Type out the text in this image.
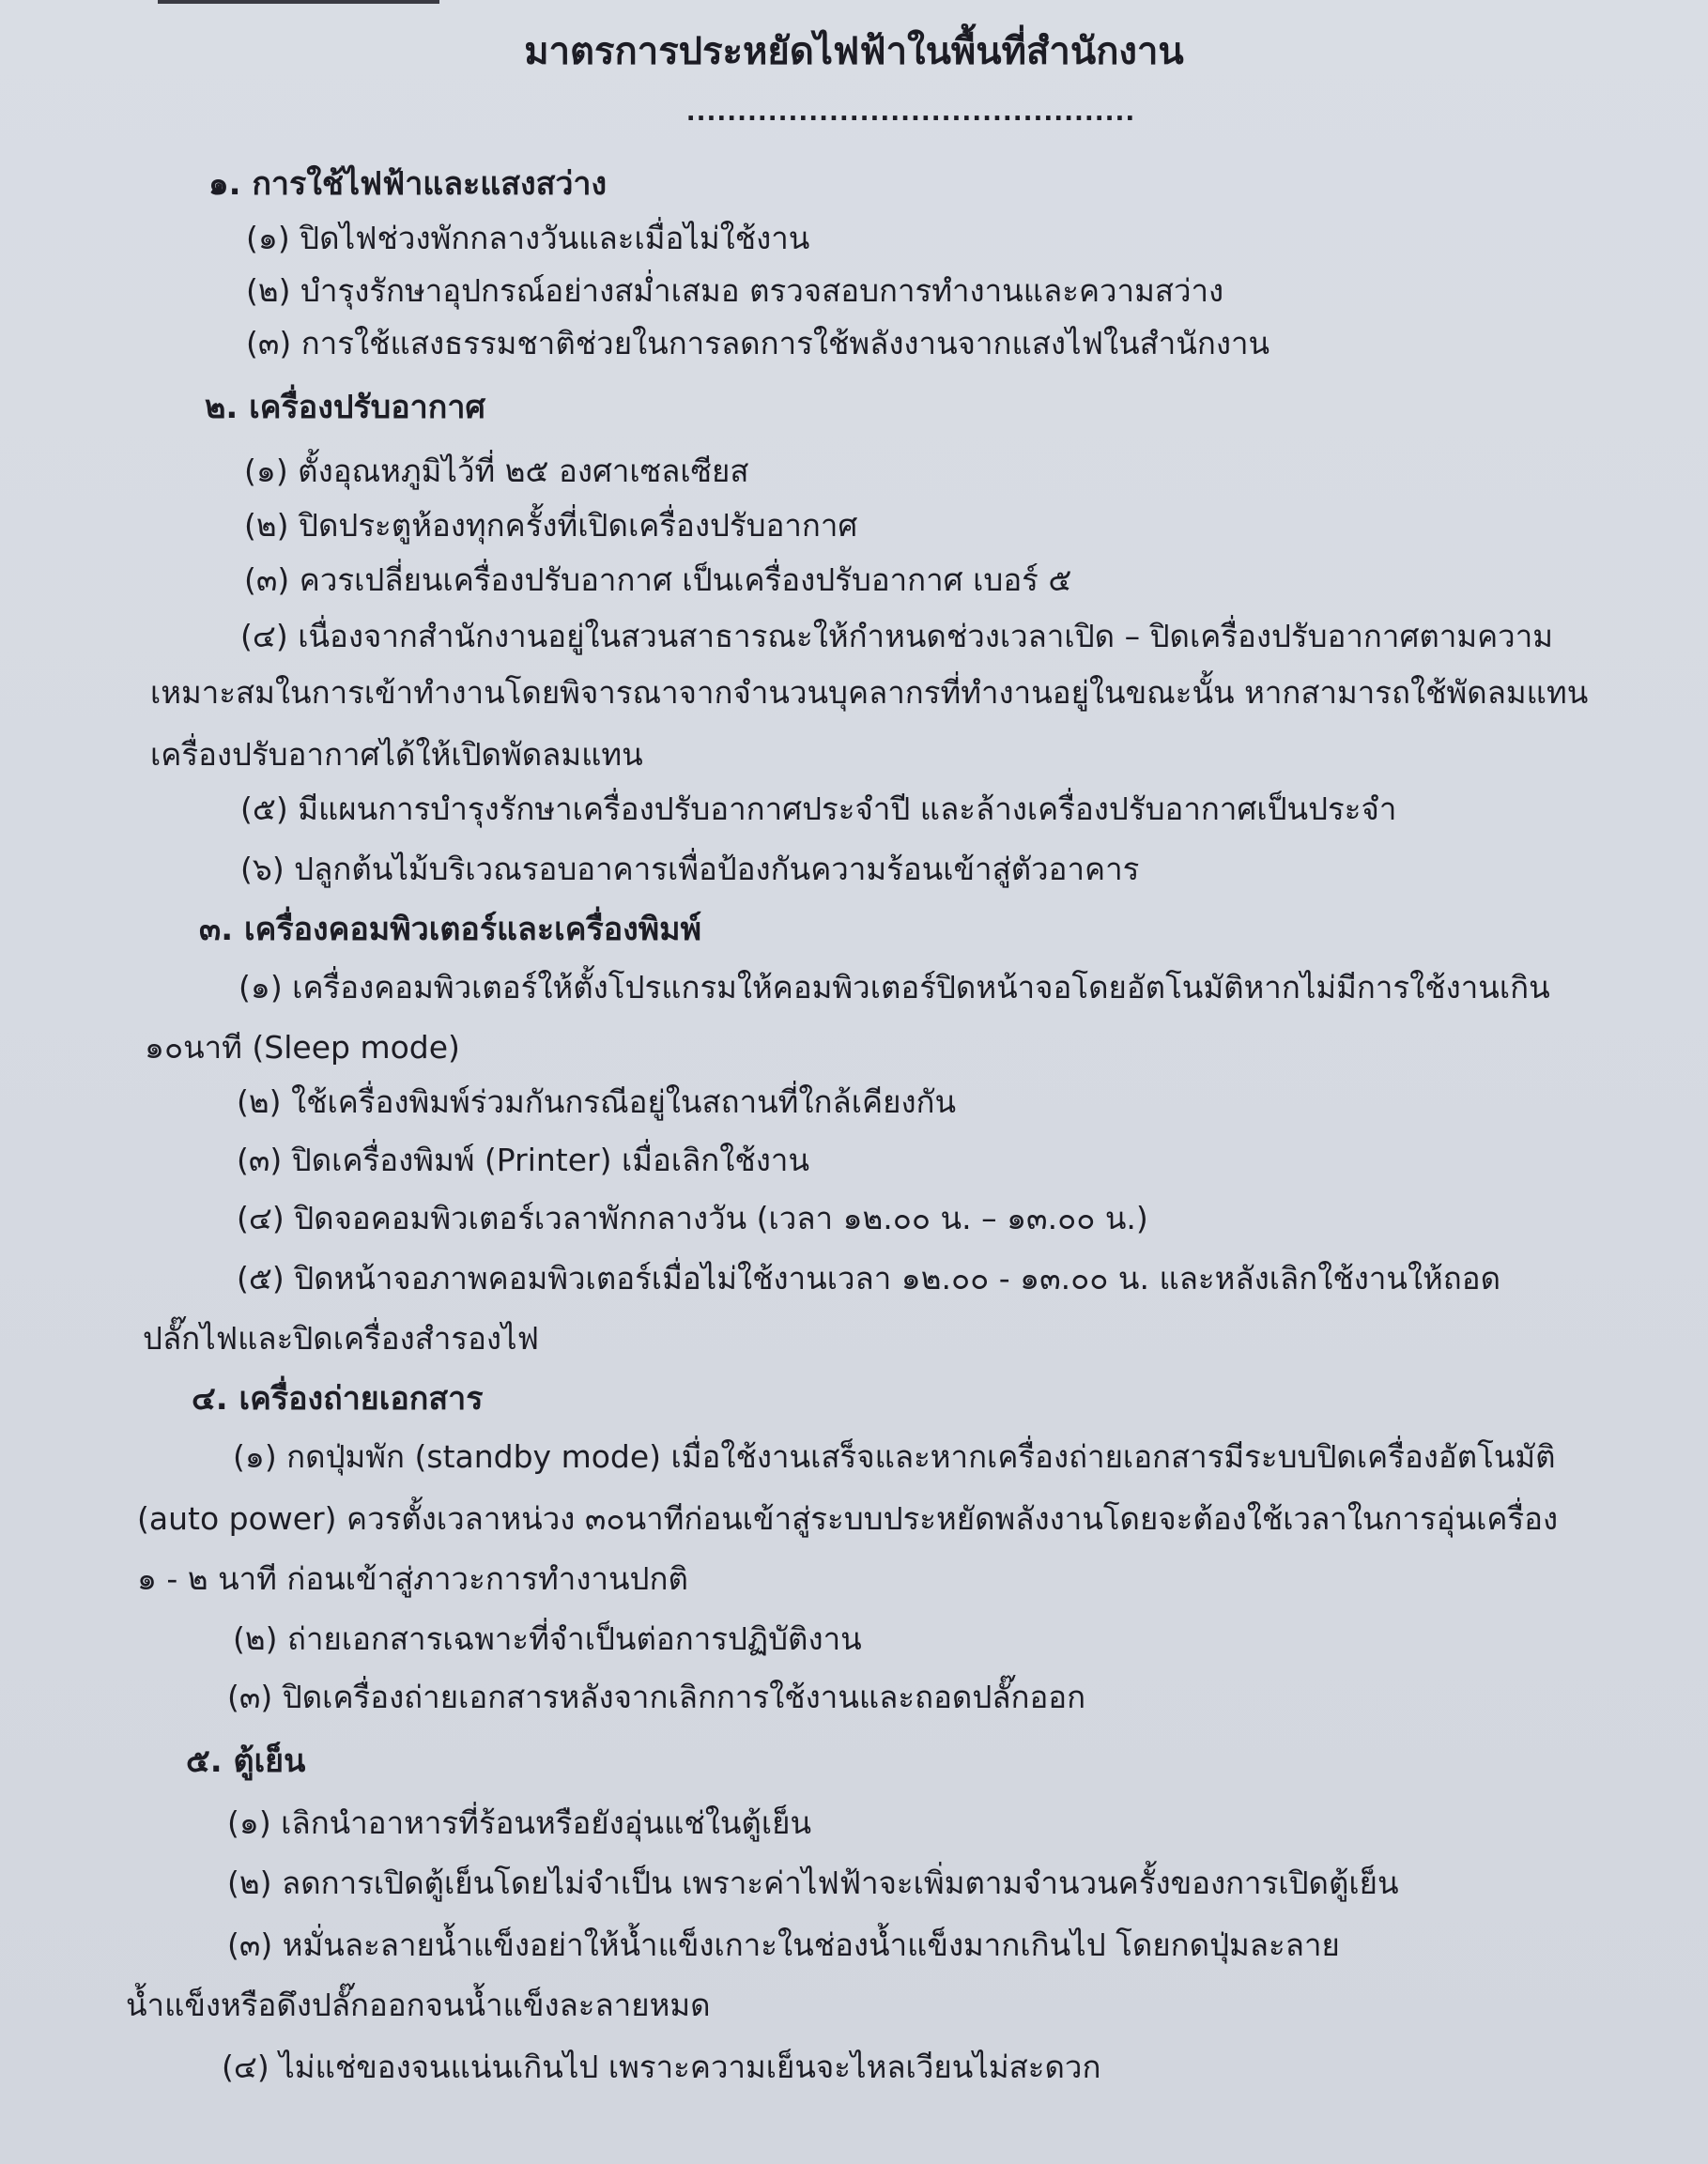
มาตรการประหยัดไฟฟ้าในพื้นที่สำนักงาน
............................................

๑. การใช้ไฟฟ้าและแสงสว่าง

(๑) ปิดไฟช่วงพักกลางวันและเมื่อไม่ใช้งาน

(๒) บำรุงรักษาอุปกรณ์อย่างสม่ำเสมอ ตรวจสอบการทำงานและความสว่าง

(๓) การใช้แสงธรรมชาติช่วยในการลดการใช้พลังงานจากแสงไฟในสำนักงาน

๒. เครื่องปรับอากาศ

(๑) ตั้งอุณหภูมิไว้ที่ ๒๕ องศาเซลเซียส

(๒) ปิดประตูห้องทุกครั้งที่เปิดเครื่องปรับอากาศ

(๓) ควรเปลี่ยนเครื่องปรับอากาศ เป็นเครื่องปรับอากาศ เบอร์ ๕

(๔) เนื่องจากสำนักงานอยู่ในสวนสาธารณะให้กำหนดช่วงเวลาเปิด – ปิดเครื่องปรับอากาศตามความ

เหมาะสมในการเข้าทำงานโดยพิจารณาจากจำนวนบุคลากรที่ทำงานอยู่ในขณะนั้น หากสามารถใช้พัดลมแทน

เครื่องปรับอากาศได้ให้เปิดพัดลมแทน

(๕) มีแผนการบำรุงรักษาเครื่องปรับอากาศประจำปี และล้างเครื่องปรับอากาศเป็นประจำ

(๖) ปลูกต้นไม้บริเวณรอบอาคารเพื่อป้องกันความร้อนเข้าสู่ตัวอาคาร

๓. เครื่องคอมพิวเตอร์และเครื่องพิมพ์

(๑) เครื่องคอมพิวเตอร์ให้ตั้งโปรแกรมให้คอมพิวเตอร์ปิดหน้าจอโดยอัตโนมัติหากไม่มีการใช้งานเกิน

๑๐นาที (Sleep mode)

(๒) ใช้เครื่องพิมพ์ร่วมกันกรณีอยู่ในสถานที่ใกล้เคียงกัน

(๓) ปิดเครื่องพิมพ์ (Printer) เมื่อเลิกใช้งาน

(๔) ปิดจอคอมพิวเตอร์เวลาพักกลางวัน (เวลา ๑๒.๐๐ น. – ๑๓.๐๐ น.)

(๕) ปิดหน้าจอภาพคอมพิวเตอร์เมื่อไม่ใช้งานเวลา ๑๒.๐๐ - ๑๓.๐๐ น. และหลังเลิกใช้งานให้ถอด

ปลั๊กไฟและปิดเครื่องสำรองไฟ

๔. เครื่องถ่ายเอกสาร

(๑) กดปุ่มพัก (standby mode) เมื่อใช้งานเสร็จและหากเครื่องถ่ายเอกสารมีระบบปิดเครื่องอัตโนมัติ

(auto power) ควรตั้งเวลาหน่วง ๓๐นาทีก่อนเข้าสู่ระบบประหยัดพลังงานโดยจะต้องใช้เวลาในการอุ่นเครื่อง

๑ - ๒ นาที ก่อนเข้าสู่ภาวะการทำงานปกติ

(๒) ถ่ายเอกสารเฉพาะที่จำเป็นต่อการปฏิบัติงาน

(๓) ปิดเครื่องถ่ายเอกสารหลังจากเลิกการใช้งานและถอดปลั๊กออก

๕. ตู้เย็น

(๑) เลิกนำอาหารที่ร้อนหรือยังอุ่นแช่ในตู้เย็น

(๒) ลดการเปิดตู้เย็นโดยไม่จำเป็น เพราะค่าไฟฟ้าจะเพิ่มตามจำนวนครั้งของการเปิดตู้เย็น

(๓) หมั่นละลายน้ำแข็งอย่าให้น้ำแข็งเกาะในช่องน้ำแข็งมากเกินไป โดยกดปุ่มละลาย

น้ำแข็งหรือดึงปลั๊กออกจนน้ำแข็งละลายหมด

(๔) ไม่แช่ของจนแน่นเกินไป เพราะความเย็นจะไหลเวียนไม่สะดวก
